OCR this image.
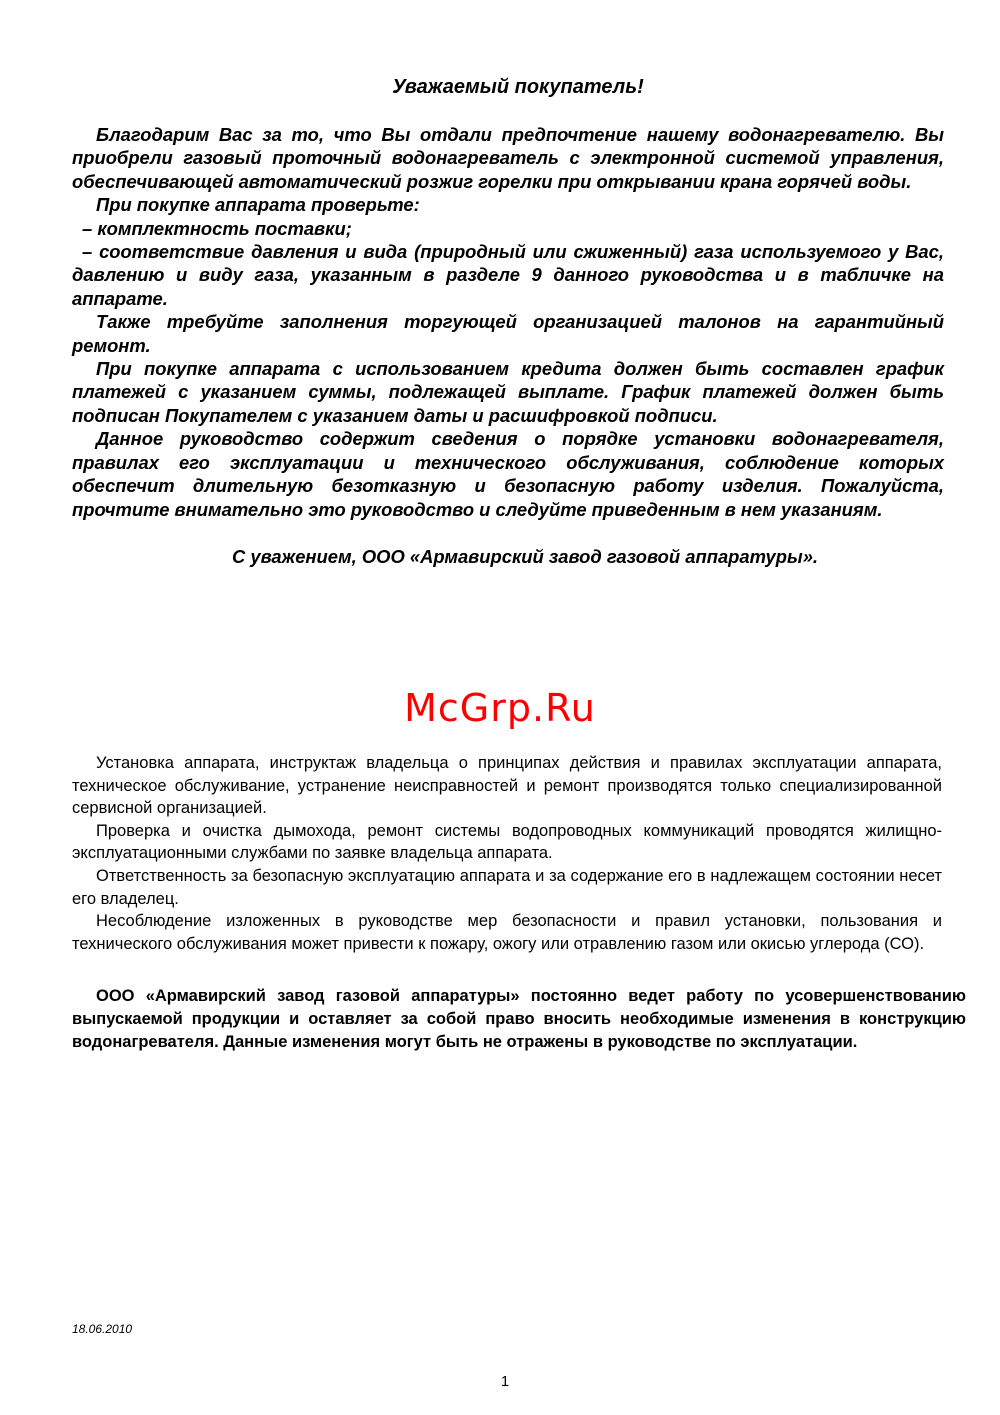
Уважаемый покупатель!

Благодарим Вас за то, что Вы отдали предпочтение нашему водонагревателю. Вы приобрели газовый проточный водонагреватель с электронной системой управления, обеспечивающей автоматический розжиг горелки при открывании крана горячей воды.

При покупке аппарата проверьте:

– комплектность поставки;

– соответствие давления и вида (природный или сжиженный) газа используемого у Вас, давлению и виду газа, указанным в разделе 9 данного руководства и в табличке на аппарате.

Также требуйте заполнения торгующей организацией талонов на гарантийный ремонт.

При покупке аппарата с использованием кредита должен быть составлен график платежей с указанием суммы, подлежащей выплате. График платежей должен быть подписан Покупателем с указанием даты и расшифровкой подписи.

Данное руководство содержит сведения о порядке установки водонагревателя, правилах его эксплуатации и технического обслуживания, соблюдение которых обеспечит длительную безотказную и безопасную работу изделия. Пожалуйста, прочтите внимательно это руководство и следуйте приведенным в нем указаниям.

С уважением, ООО «Армавирский завод газовой аппаратуры».
McGrp.Ru

Установка аппарата, инструктаж владельца о принципах действия и правилах эксплуатации аппарата, техническое обслуживание, устранение неисправностей и ремонт производятся только специализированной сервисной организацией.

Проверка и очистка дымохода, ремонт системы водопроводных коммуникаций проводятся жилищно-эксплуатационными службами по заявке владельца аппарата.

Ответственность за безопасную эксплуатацию аппарата и за содержание его в надлежащем состоянии несет его владелец.

Несоблюдение изложенных в руководстве мер безопасности и правил установки, пользования и технического обслуживания может привести к пожару, ожогу или отравлению газом или окисью углерода (СО).

ООО «Армавирский завод газовой аппаратуры» постоянно ведет работу по усовершенствованию выпускаемой продукции и оставляет за собой право вносить необходимые изменения в конструкцию водонагревателя. Данные изменения могут быть не отражены в руководстве по эксплуатации.

18.06.2010
1
